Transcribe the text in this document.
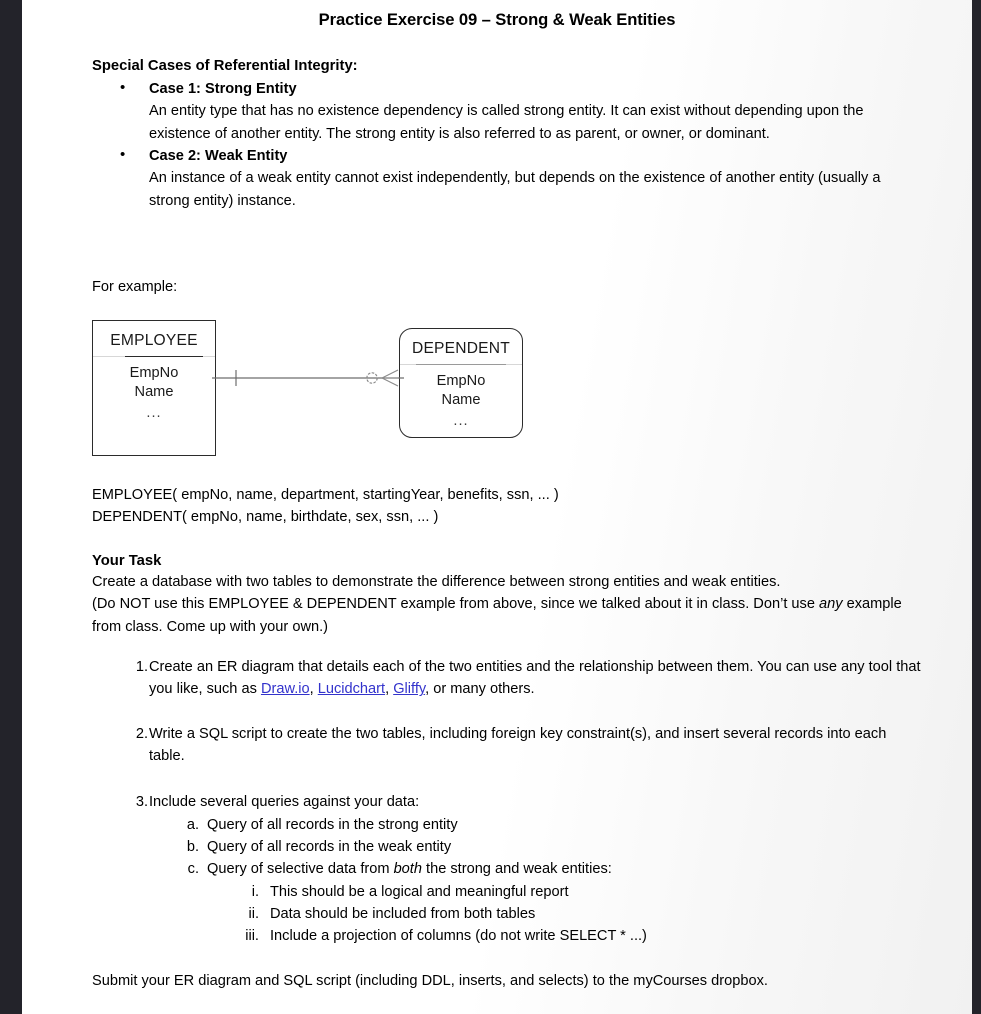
Practice Exercise 09 – Strong & Weak Entities
Special Cases of Referential Integrity:
• Case 1: Strong Entity
An entity type that has no existence dependency is called strong entity. It can exist without depending upon the existence of another entity. The strong entity is also referred to as parent, or owner, or dominant.
• Case 2: Weak Entity
An instance of a weak entity cannot exist independently, but depends on the existence of another entity (usually a strong entity) instance.
For example:
EMPLOYEE
EmpNo
Name
...
DEPENDENT
EmpNo
Name
...
EMPLOYEE( empNo, name, department, startingYear, benefits, ssn, ... )
DEPENDENT( empNo, name, birthdate, sex, ssn, ... )
Your Task
Create a database with two tables to demonstrate the difference between strong entities and weak entities.
(Do NOT use this EMPLOYEE & DEPENDENT example from above, since we talked about it in class. Don’t use any example from class. Come up with your own.)
1. Create an ER diagram that details each of the two entities and the relationship between them. You can use any tool that you like, such as Draw.io, Lucidchart, Gliffy, or many others.
2. Write a SQL script to create the two tables, including foreign key constraint(s), and insert several records into each table.
3. Include several queries against your data:
a. Query of all records in the strong entity
b. Query of all records in the weak entity
c. Query of selective data from both the strong and weak entities:
i. This should be a logical and meaningful report
ii. Data should be included from both tables
iii. Include a projection of columns (do not write SELECT * ...)
Submit your ER diagram and SQL script (including DDL, inserts, and selects) to the myCourses dropbox.
